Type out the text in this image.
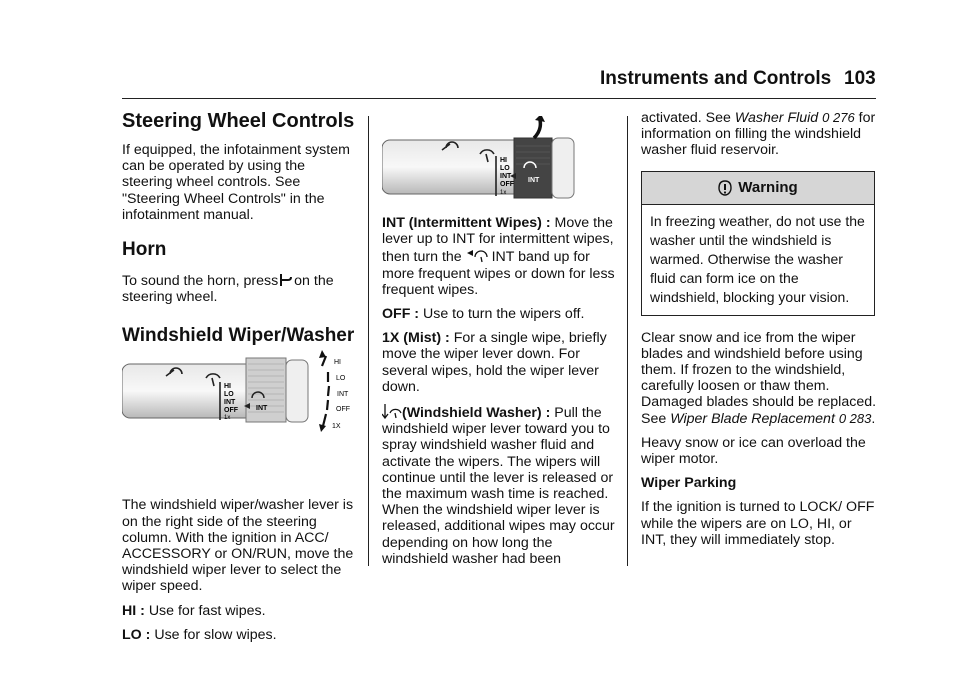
Instruments and Controls 103
Steering Wheel Controls

If equipped, the infotainment system can be operated by using the steering wheel controls. See "Steering Wheel Controls" in the infotainment manual.

Horn

To sound the horn, press on the steering wheel.

Windshield Wiper/Washer

The windshield wiper/washer lever is on the right side of the steering column. With the ignition in ACC/ ACCESSORY or ON/RUN, move the windshield wiper lever to select the wiper speed.

HI : Use for fast wipes.

LO : Use for slow wipes.

HI
LO
INT
OFF
1x
INT
HI
LO
INT
OFF
1X
INT
HI
LO
INT
OFF
1x

INT (Intermittent Wipes) : Move the lever up to INT for intermittent wipes, then turn the INT band up for more frequent wipes or down for less frequent wipes.

OFF : Use to turn the wipers off.

1X (Mist) : For a single wipe, briefly move the wiper lever down. For several wipes, hold the wiper lever down.

(Windshield Washer) : Pull the windshield wiper lever toward you to spray windshield washer fluid and activate the wipers. The wipers will continue until the lever is released or the maximum wash time is reached. When the windshield wiper lever is released, additional wipes may occur depending on how long the windshield washer had been

activated. See Washer Fluid 0 276 for information on filling the windshield washer fluid reservoir.

Warning
In freezing weather, do not use the washer until the windshield is warmed. Otherwise the washer fluid can form ice on the windshield, blocking your vision.

Clear snow and ice from the wiper blades and windshield before using them. If frozen to the windshield, carefully loosen or thaw them. Damaged blades should be replaced. See Wiper Blade Replacement 0 283.

Heavy snow or ice can overload the wiper motor.

Wiper Parking

If the ignition is turned to LOCK/ OFF while the wipers are on LO, HI, or INT, they will immediately stop.
